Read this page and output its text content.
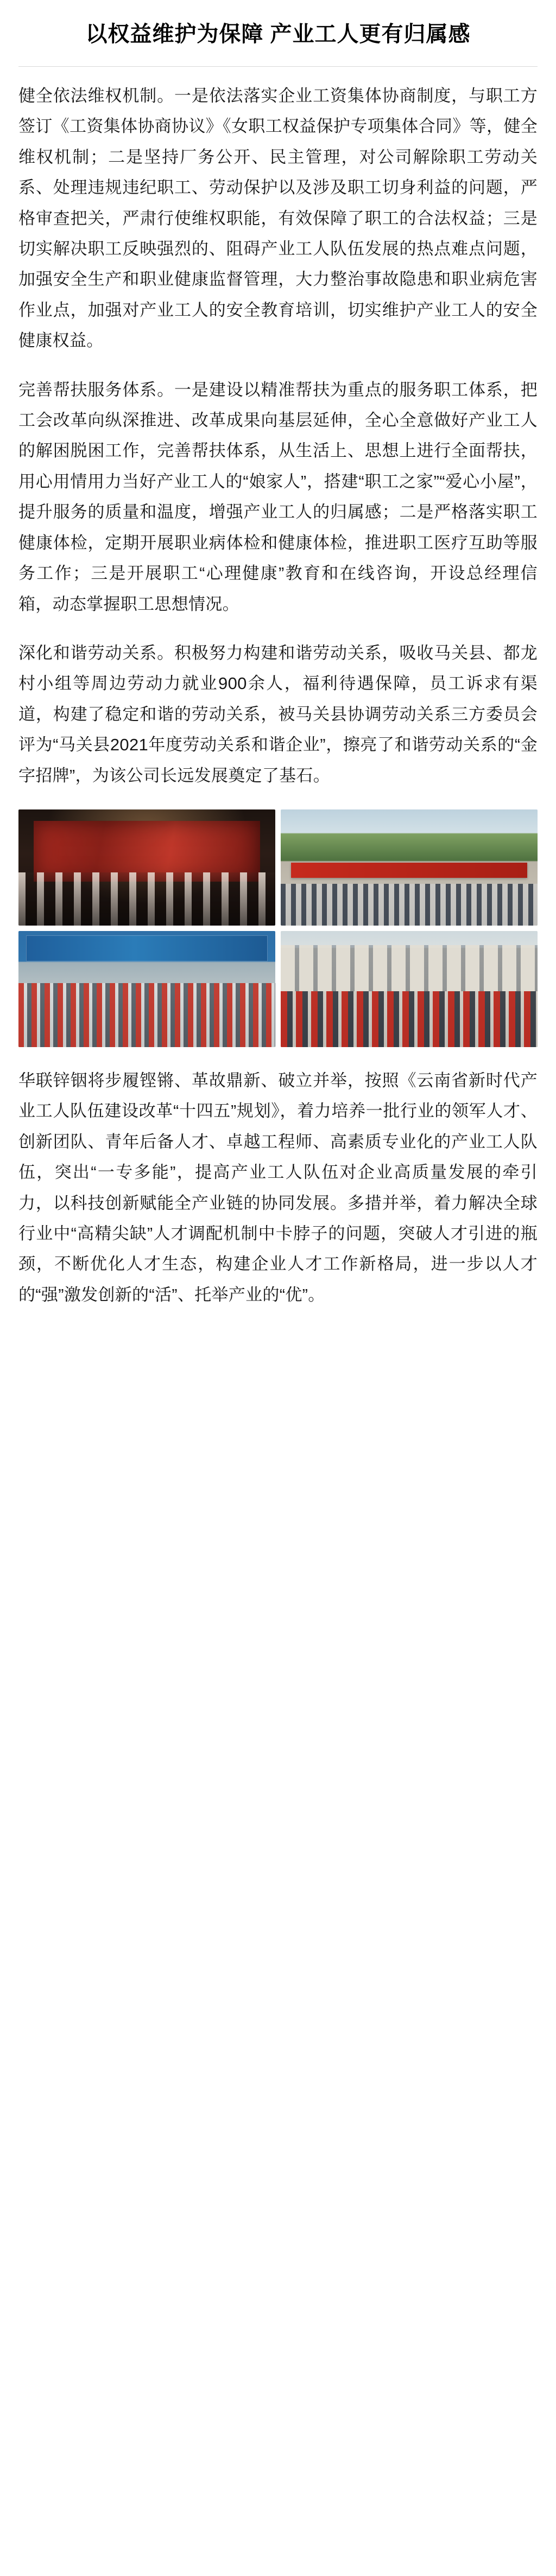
以权益维护为保障 产业工人更有归属感

健全依法维权机制。一是依法落实企业工资集体协商制度，与职工方签订《工资集体协商协议》《女职工权益保护专项集体合同》等，健全维权机制；二是坚持厂务公开、民主管理，对公司解除职工劳动关系、处理违规违纪职工、劳动保护以及涉及职工切身利益的问题，严格审查把关，严肃行使维权职能，有效保障了职工的合法权益；三是切实解决职工反映强烈的、阻碍产业工人队伍发展的热点难点问题，加强安全生产和职业健康监督管理，大力整治事故隐患和职业病危害作业点，加强对产业工人的安全教育培训，切实维护产业工人的安全健康权益。

完善帮扶服务体系。一是建设以精准帮扶为重点的服务职工体系，把工会改革向纵深推进、改革成果向基层延伸，全心全意做好产业工人的解困脱困工作，完善帮扶体系，从生活上、思想上进行全面帮扶，用心用情用力当好产业工人的“娘家人”，搭建“职工之家”“爱心小屋”，提升服务的质量和温度，增强产业工人的归属感；二是严格落实职工健康体检，定期开展职业病体检和健康体检，推进职工医疗互助等服务工作；三是开展职工“心理健康”教育和在线咨询，开设总经理信箱，动态掌握职工思想情况。

深化和谐劳动关系。积极努力构建和谐劳动关系，吸收马关县、都龙村小组等周边劳动力就业900余人，福利待遇保障，员工诉求有渠道，构建了稳定和谐的劳动关系，被马关县协调劳动关系三方委员会评为“马关县2021年度劳动关系和谐企业”，擦亮了和谐劳动关系的“金字招牌”，为该公司长远发展奠定了基石。

华联锌铟将步履铿锵、革故鼎新、破立并举，按照《云南省新时代产业工人队伍建设改革“十四五”规划》，着力培养一批行业的领军人才、创新团队、青年后备人才、卓越工程师、高素质专业化的产业工人队伍，突出“一专多能”，提高产业工人队伍对企业高质量发展的牵引力，以科技创新赋能全产业链的协同发展。多措并举，着力解决全球行业中“高精尖缺”人才调配机制中卡脖子的问题，突破人才引进的瓶颈，不断优化人才生态，构建企业人才工作新格局，进一步以人才的“强”激发创新的“活”、托举产业的“优”。
